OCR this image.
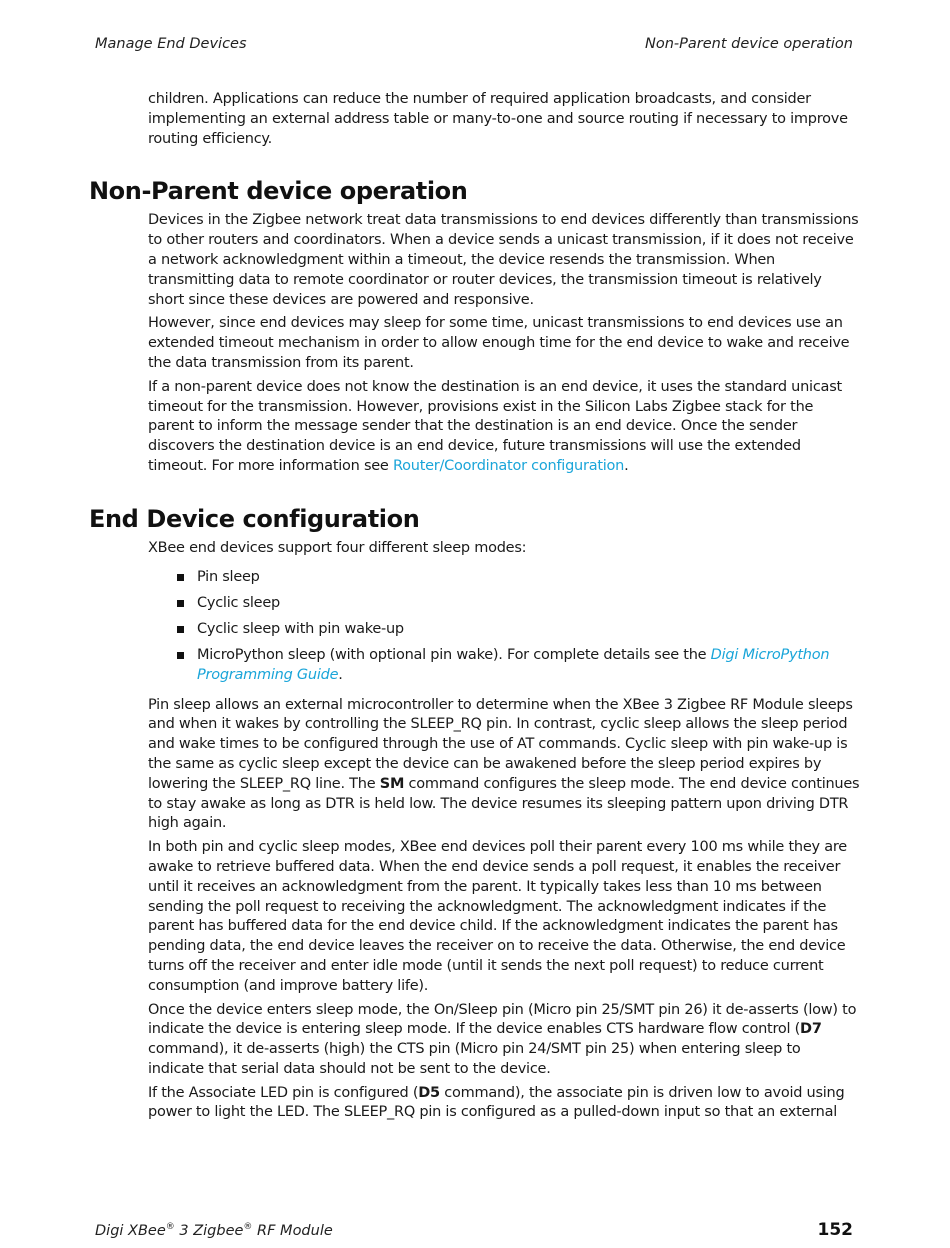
Manage End Devices	Non-Parent device operation

children. Applications can reduce the number of required application broadcasts, and consider implementing an external address table or many-to-one and source routing if necessary to improve routing efficiency.

Non-Parent device operation

Devices in the Zigbee network treat data transmissions to end devices differently than transmissions to other routers and coordinators. When a device sends a unicast transmission, if it does not receive a network acknowledgment within a timeout, the device resends the transmission. When transmitting data to remote coordinator or router devices, the transmission timeout is relatively short since these devices are powered and responsive.

However, since end devices may sleep for some time, unicast transmissions to end devices use an extended timeout mechanism in order to allow enough time for the end device to wake and receive the data transmission from its parent.

If a non-parent device does not know the destination is an end device, it uses the standard unicast timeout for the transmission. However, provisions exist in the Silicon Labs Zigbee stack for the parent to inform the message sender that the destination is an end device. Once the sender discovers the destination device is an end device, future transmissions will use the extended timeout. For more information see Router/Coordinator configuration.

End Device configuration

XBee end devices support four different sleep modes:

Pin sleep
Cyclic sleep
Cyclic sleep with pin wake-up
MicroPython sleep (with optional pin wake). For complete details see the Digi MicroPython Programming Guide.

Pin sleep allows an external microcontroller to determine when the XBee 3 Zigbee RF Module sleeps and when it wakes by controlling the SLEEP_RQ pin. In contrast, cyclic sleep allows the sleep period and wake times to be configured through the use of AT commands. Cyclic sleep with pin wake-up is the same as cyclic sleep except the device can be awakened before the sleep period expires by lowering the SLEEP_RQ line. The SM command configures the sleep mode. The end device continues to stay awake as long as DTR is held low. The device resumes its sleeping pattern upon driving DTR high again.

In both pin and cyclic sleep modes, XBee end devices poll their parent every 100 ms while they are awake to retrieve buffered data. When the end device sends a poll request, it enables the receiver until it receives an acknowledgment from the parent. It typically takes less than 10 ms between sending the poll request to receiving the acknowledgment. The acknowledgment indicates if the parent has buffered data for the end device child. If the acknowledgment indicates the parent has pending data, the end device leaves the receiver on to receive the data. Otherwise, the end device turns off the receiver and enter idle mode (until it sends the next poll request) to reduce current consumption (and improve battery life).

Once the device enters sleep mode, the On/Sleep pin (Micro pin 25/SMT pin 26) it de-asserts (low) to indicate the device is entering sleep mode. If the device enables CTS hardware flow control (D7 command), it de-asserts (high) the CTS pin (Micro pin 24/SMT pin 25) when entering sleep to indicate that serial data should not be sent to the device.

If the Associate LED pin is configured (D5 command), the associate pin is driven low to avoid using power to light the LED. The SLEEP_RQ pin is configured as a pulled-down input so that an external

Digi XBee® 3 Zigbee® RF Module	152
